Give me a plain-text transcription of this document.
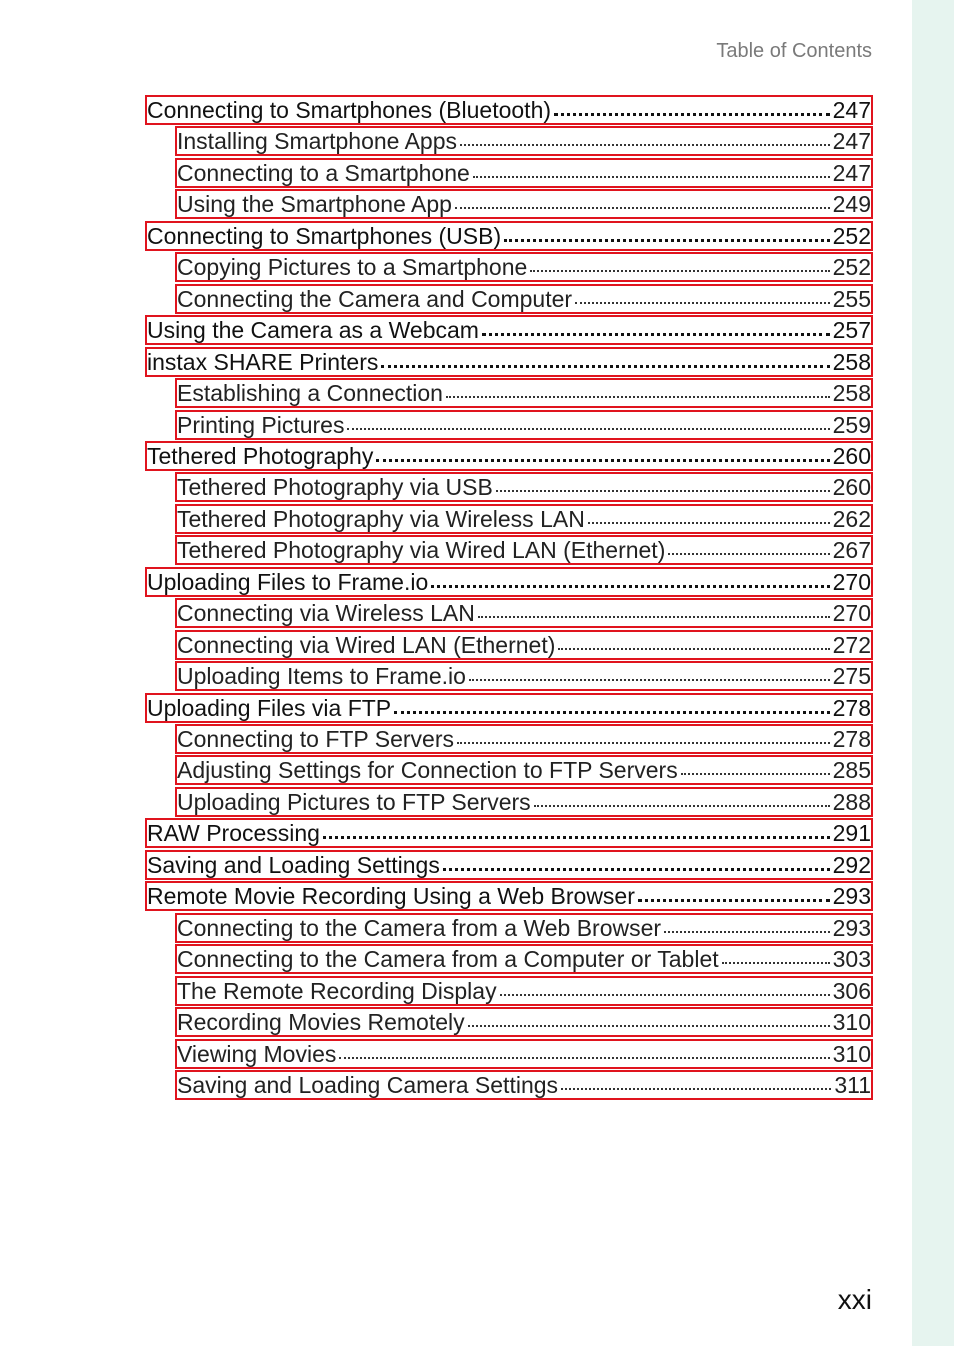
Table of Contents
Connecting to Smartphones (Bluetooth)	247
Installing Smartphone Apps	247
Connecting to a Smartphone	247
Using the Smartphone App	249
Connecting to Smartphones (USB)	252
Copying Pictures to a Smartphone	252
Connecting the Camera and Computer	255
Using the Camera as a Webcam	257
instax SHARE Printers	258
Establishing a Connection	258
Printing Pictures	259
Tethered Photography	260
Tethered Photography via USB	260
Tethered Photography via Wireless LAN	262
Tethered Photography via Wired LAN (Ethernet)	267
Uploading Files to Frame.io	270
Connecting via Wireless LAN	270
Connecting via Wired LAN (Ethernet)	272
Uploading Items to Frame.io	275
Uploading Files via FTP	278
Connecting to FTP Servers	278
Adjusting Settings for Connection to FTP Servers	285
Uploading Pictures to FTP Servers	288
RAW Processing	291
Saving and Loading Settings	292
Remote Movie Recording Using a Web Browser	293
Connecting to the Camera from a Web Browser	293
Connecting to the Camera from a Computer or Tablet	303
The Remote Recording Display	306
Recording Movies Remotely	310
Viewing Movies	310
Saving and Loading Camera Settings	311
xxi
